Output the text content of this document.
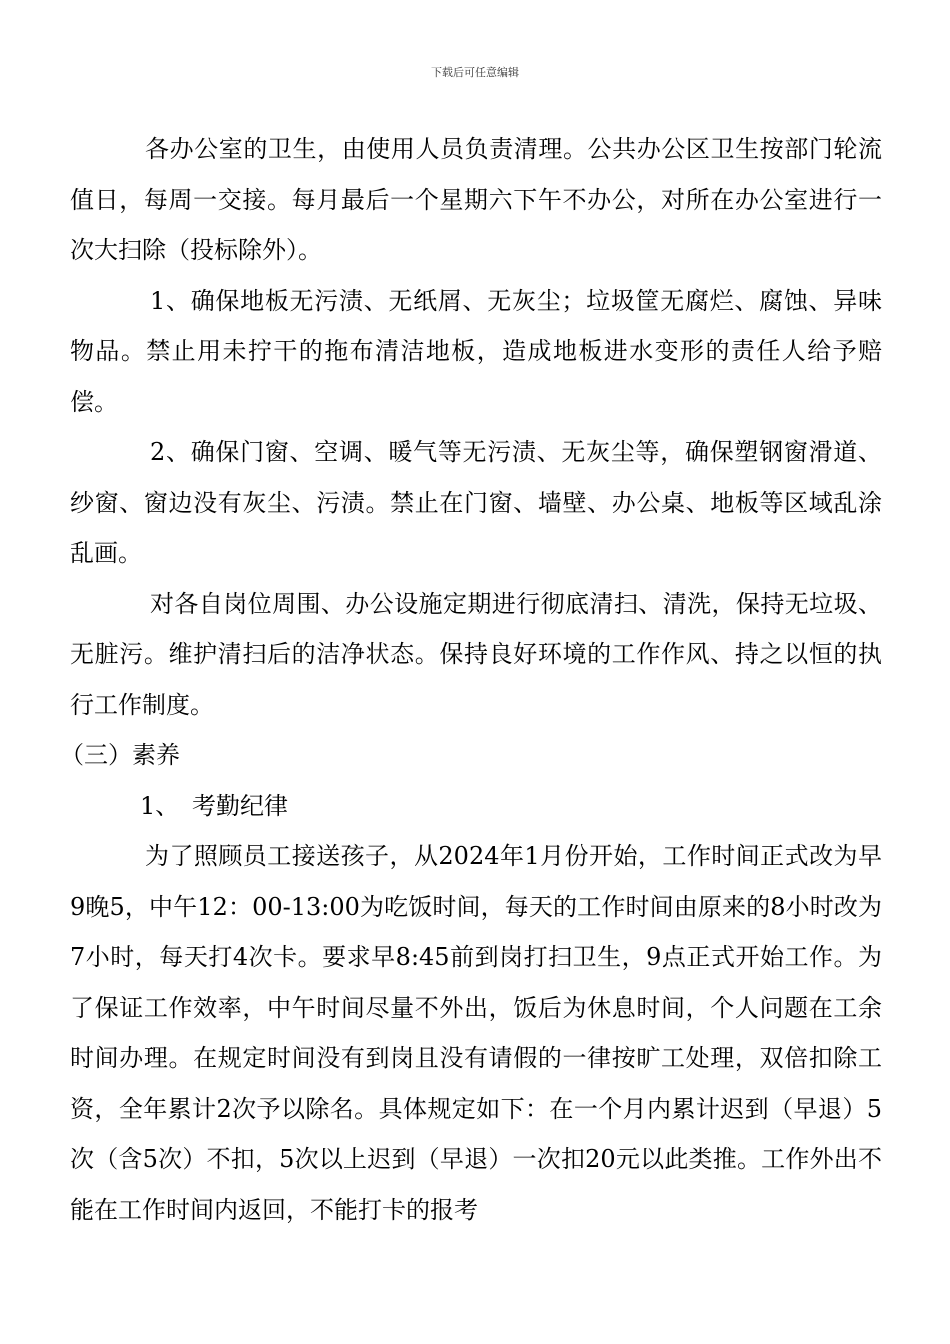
下载后可任意编辑

各办公室的卫生，由使用人员负责清理。公共办公区卫生按部门轮流值日，每周一交接。每月最后一个星期六下午不办公，对所在办公室进行一次大扫除（投标除外）。

1、确保地板无污渍、无纸屑、无灰尘；垃圾筐无腐烂、腐蚀、异味物品。禁止用未拧干的拖布清洁地板，造成地板进水变形的责任人给予赔偿。

2、确保门窗、空调、暖气等无污渍、无灰尘等，确保塑钢窗滑道、纱窗、窗边没有灰尘、污渍。禁止在门窗、墙壁、办公桌、地板等区域乱涂乱画。

对各自岗位周围、办公设施定期进行彻底清扫、清洗，保持无垃圾、无脏污。维护清扫后的洁净状态。保持良好环境的工作作风、持之以恒的执行工作制度。

（三）素养

1、 考勤纪律

为了照顾员工接送孩子，从2024年1月份开始，工作时间正式改为早9晚5，中午12：00-13:00为吃饭时间，每天的工作时间由原来的8小时改为7小时，每天打4次卡。要求早8:45前到岗打扫卫生，9点正式开始工作。为了保证工作效率，中午时间尽量不外出，饭后为休息时间，个人问题在工余时间办理。在规定时间没有到岗且没有请假的一律按旷工处理，双倍扣除工资，全年累计2次予以除名。具体规定如下：在一个月内累计迟到（早退）5次（含5次）不扣，5次以上迟到（早退）一次扣20元以此类推。工作外出不能在工作时间内返回，不能打卡的报考
